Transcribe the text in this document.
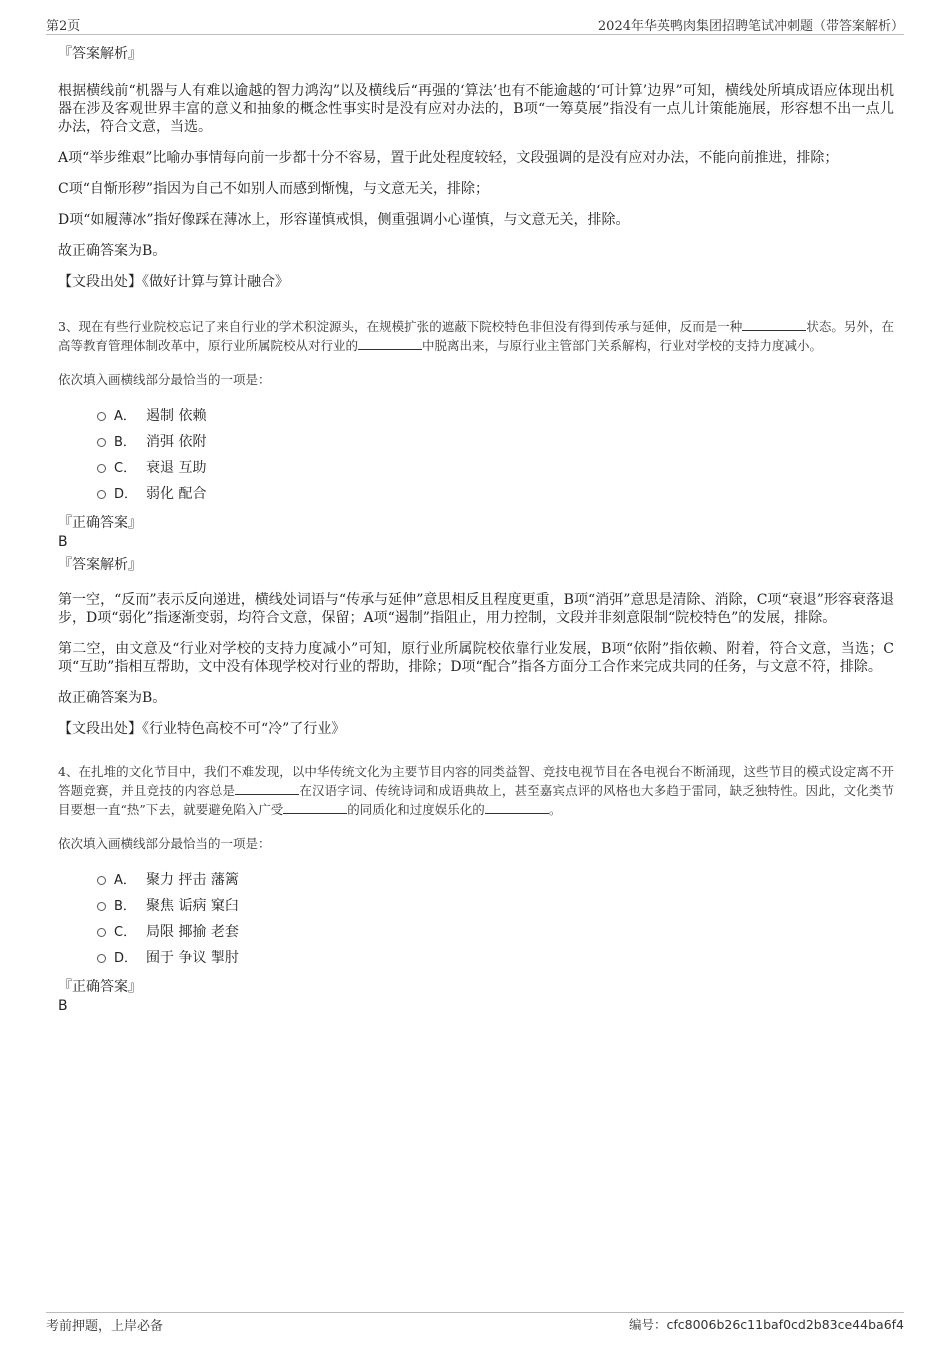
第2页	2024年华英鸭肉集团招聘笔试冲刺题（带答案解析）

『答案解析』

根据横线前“机器与人有难以逾越的智力鸿沟”以及横线后“再强的‘算法’也有不能逾越的‘可计算’边界”可知，横线处所填成语应体现出机器在涉及客观世界丰富的意义和抽象的概念性事实时是没有应对办法的，B项“一筹莫展”指没有一点儿计策能施展，形容想不出一点儿办法，符合文意，当选。

A项“举步维艰”比喻办事情每向前一步都十分不容易，置于此处程度较轻，文段强调的是没有应对办法，不能向前推进，排除；

C项“自惭形秽”指因为自己不如别人而感到惭愧，与文意无关，排除；

D项“如履薄冰”指好像踩在薄冰上，形容谨慎戒惧，侧重强调小心谨慎，与文意无关，排除。

故正确答案为B。

【文段出处】《做好计算与算计融合》

3、现在有些行业院校忘记了来自行业的学术积淀源头，在规模扩张的遮蔽下院校特色非但没有得到传承与延伸，反而是一种	状态。另外，在高等教育管理体制改革中，原行业所属院校从对行业的	中脱离出来，与原行业主管部门关系解构，行业对学校的支持力度减小。

依次填入画横线部分最恰当的一项是：

A． 遏制 依赖
B． 消弭 依附
C． 衰退 互助
D． 弱化 配合

『正确答案』

B

『答案解析』

第一空，“反而”表示反向递进，横线处词语与“传承与延伸”意思相反且程度更重，B项“消弭”意思是清除、消除，C项“衰退”形容衰落退步，D项“弱化”指逐渐变弱，均符合文意，保留；A项“遏制”指阻止，用力控制，文段并非刻意限制“院校特色”的发展，排除。

第二空，由文意及“行业对学校的支持力度减小”可知，原行业所属院校依靠行业发展，B项“依附”指依赖、附着，符合文意，当选；C项“互助”指相互帮助，文中没有体现学校对行业的帮助，排除；D项“配合”指各方面分工合作来完成共同的任务，与文意不符，排除。

故正确答案为B。

【文段出处】《行业特色高校不可“冷”了行业》

4、在扎堆的文化节目中，我们不难发现，以中华传统文化为主要节目内容的同类益智、竞技电视节目在各电视台不断涌现，这些节目的模式设定离不开答题竞赛，并且竞技的内容总是	在汉语字词、传统诗词和成语典故上，甚至嘉宾点评的风格也大多趋于雷同，缺乏独特性。因此，文化类节目要想一直“热”下去，就要避免陷入广受	的同质化和过度娱乐化的	。

依次填入画横线部分最恰当的一项是：

A． 聚力 抨击 藩篱
B． 聚焦 诟病 窠臼
C． 局限 揶揄 老套
D． 囿于 争议 掣肘

『正确答案』

B

考前押题，上岸必备	编号：cfc8006b26c11baf0cd2b83ce44ba6f4
